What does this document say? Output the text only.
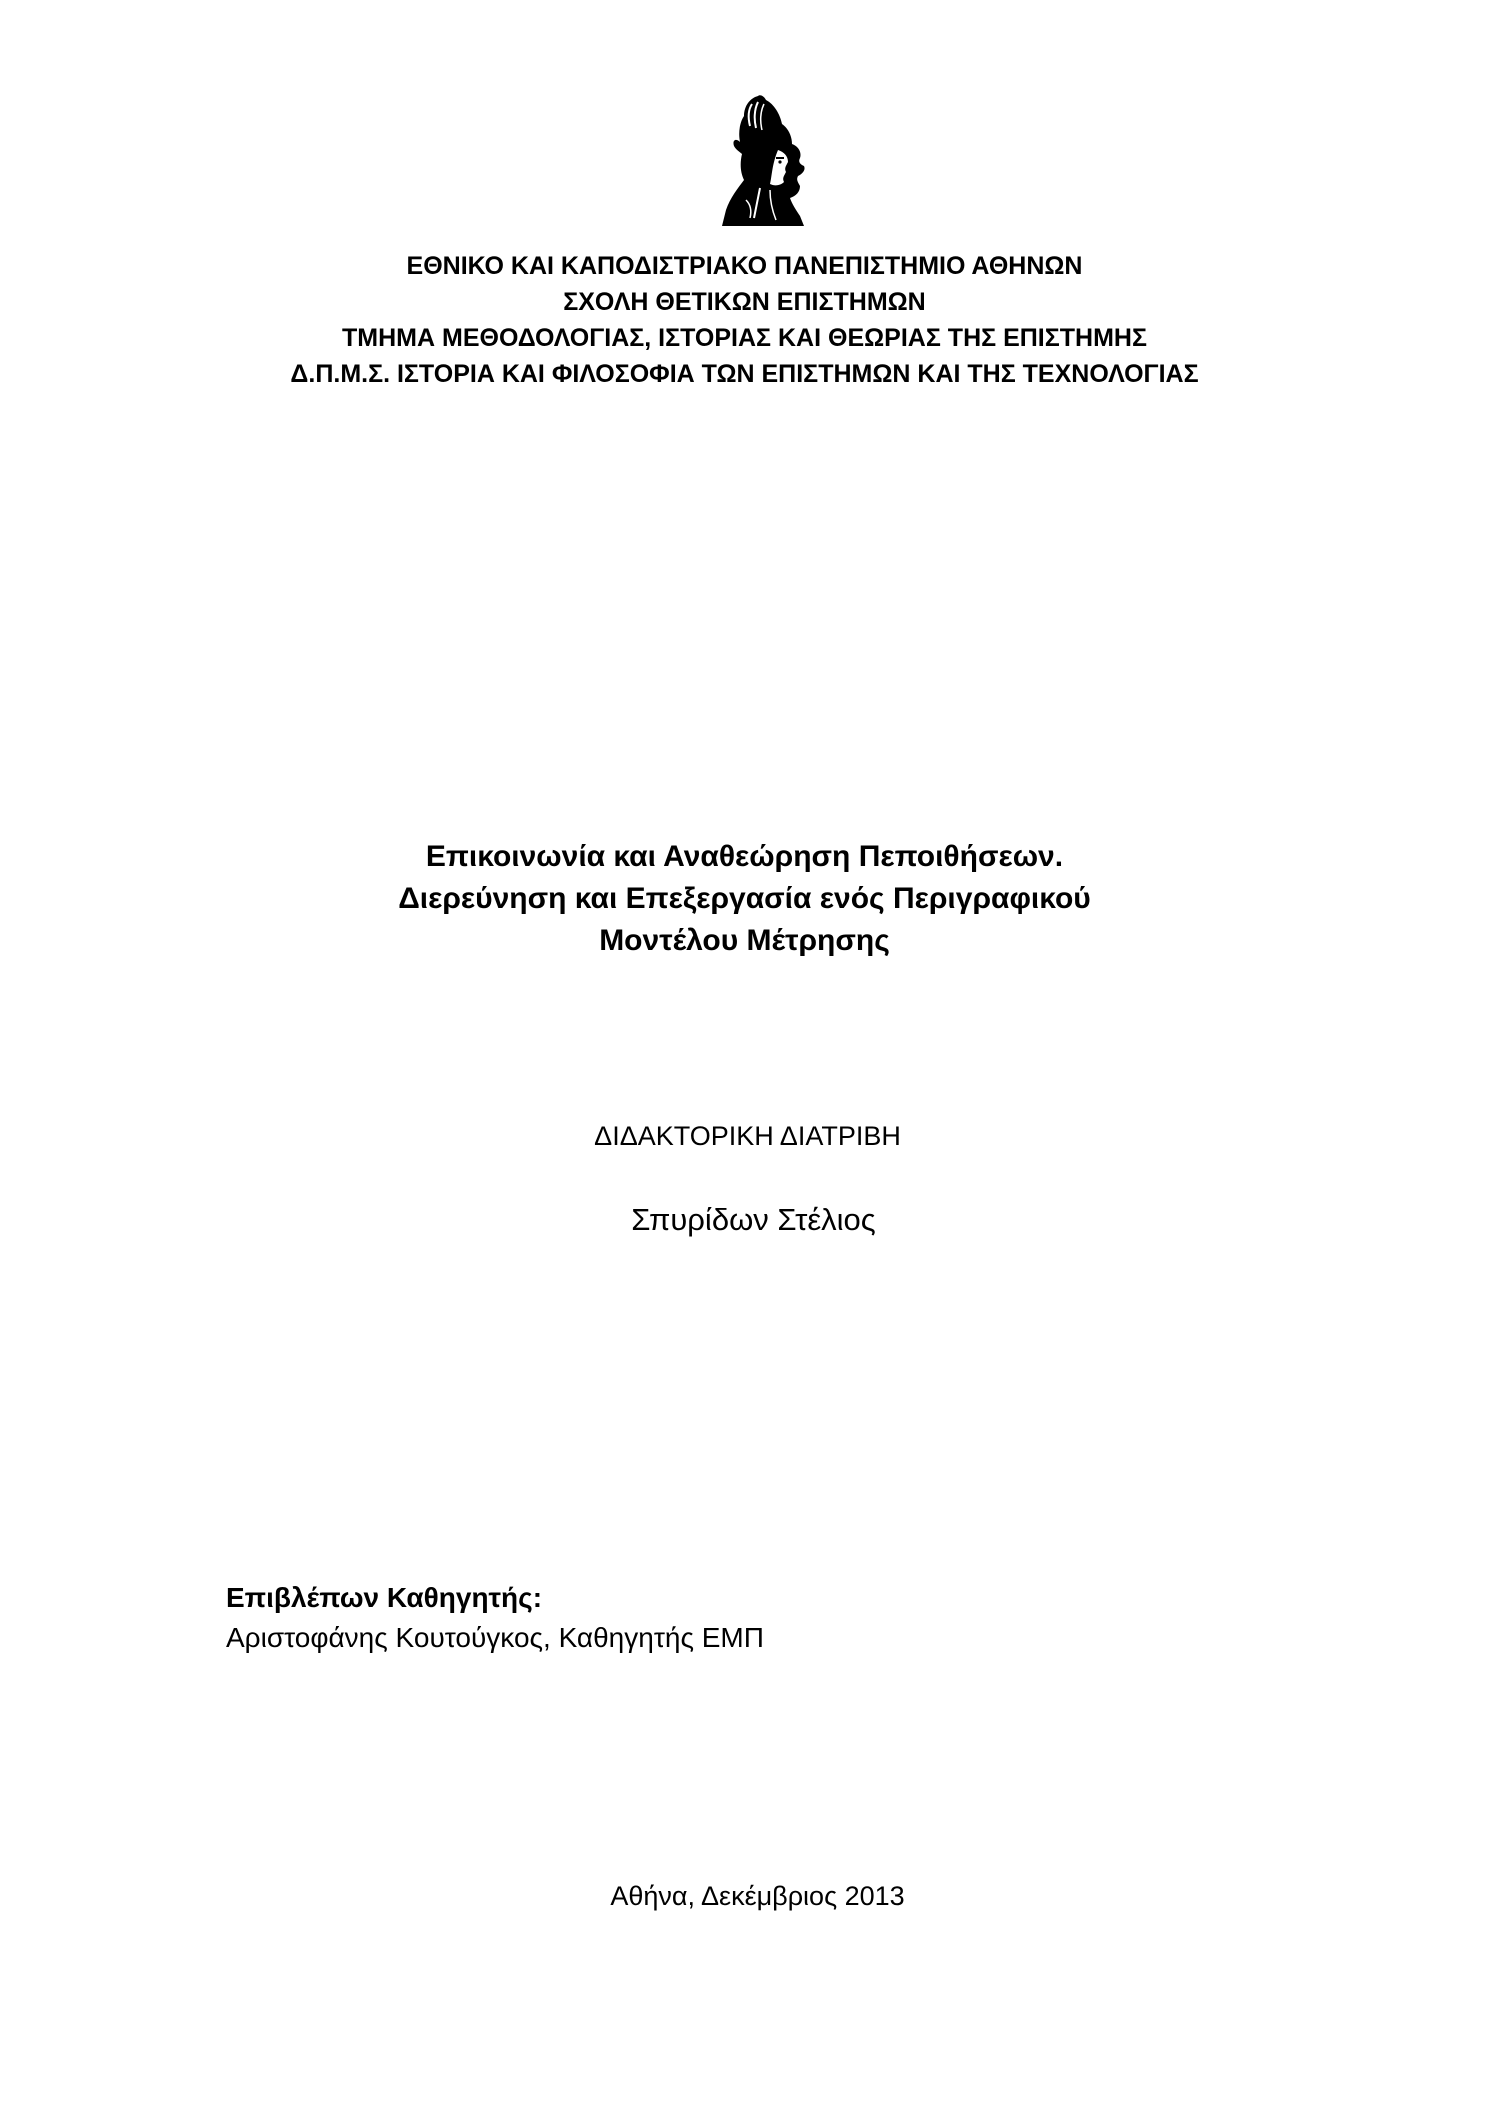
ΕΘΝΙΚΟ ΚΑΙ ΚΑΠΟΔΙΣΤΡΙΑΚΟ ΠΑΝΕΠΙΣΤΗΜΙΟ ΑΘΗΝΩΝ
ΣΧΟΛΗ ΘΕΤΙΚΩΝ ΕΠΙΣΤΗΜΩΝ
ΤΜΗΜΑ ΜΕΘΟΔΟΛΟΓΙΑΣ, ΙΣΤΟΡΙΑΣ ΚΑΙ ΘΕΩΡΙΑΣ ΤΗΣ ΕΠΙΣΤΗΜΗΣ
Δ.Π.Μ.Σ. ΙΣΤΟΡΙΑ ΚΑΙ ΦΙΛΟΣΟΦΙΑ ΤΩΝ ΕΠΙΣΤΗΜΩΝ ΚΑΙ ΤΗΣ ΤΕΧΝΟΛΟΓΙΑΣ
Επικοινωνία και Αναθεώρηση Πεποιθήσεων.
Διερεύνηση και Επεξεργασία ενός Περιγραφικού
Μοντέλου Μέτρησης
ΔΙΔΑΚΤΟΡΙΚΗ ΔΙΑΤΡΙΒΗ
Σπυρίδων Στέλιος
Επιβλέπων Καθηγητής:
Αριστοφάνης Κουτούγκος, Καθηγητής ΕΜΠ
Αθήνα, Δεκέμβριος 2013
